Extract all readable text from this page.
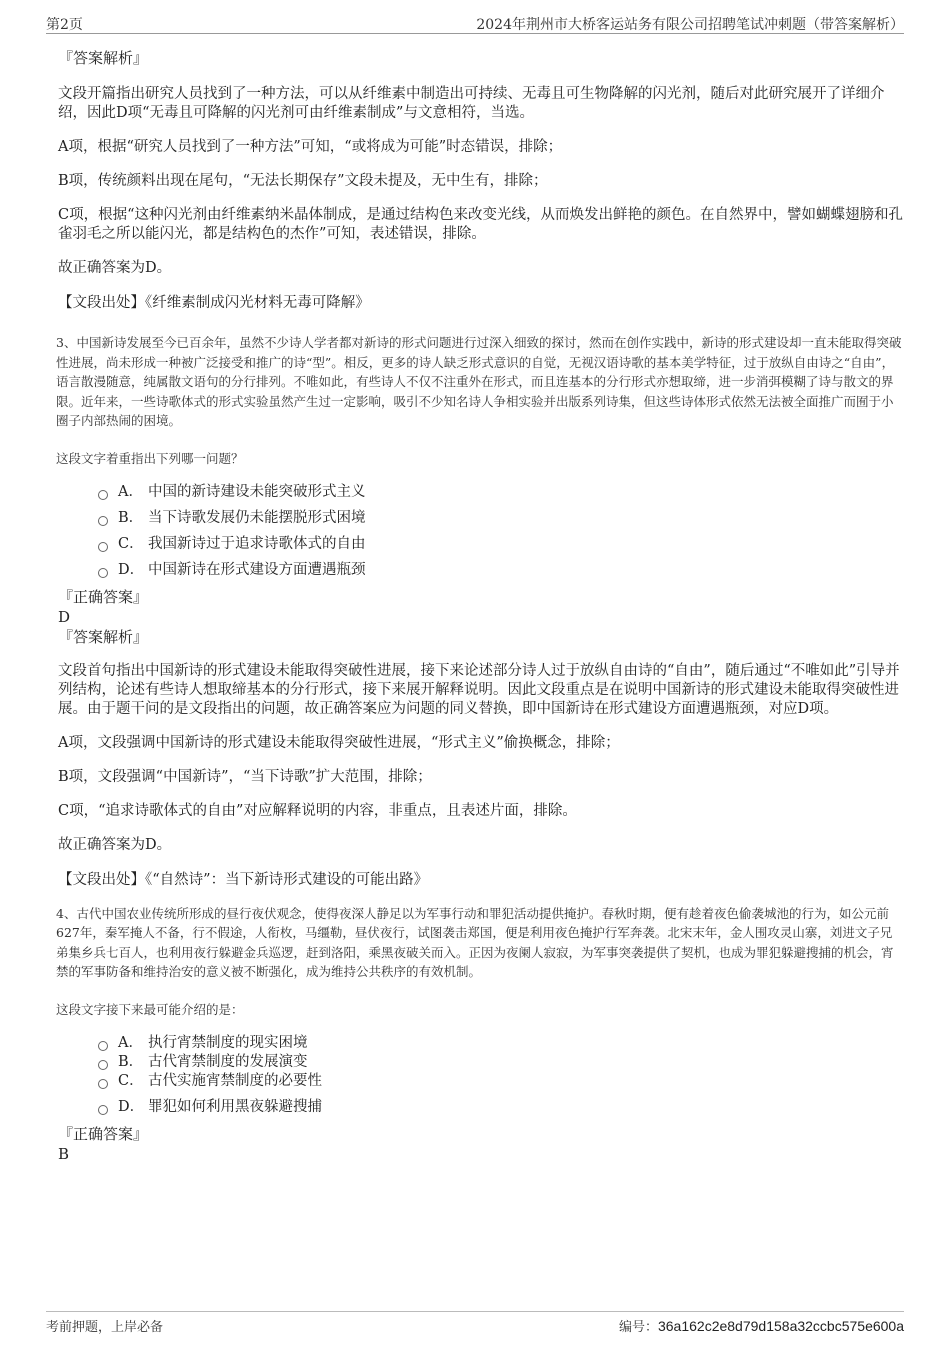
第2页	2024年荆州市大桥客运站务有限公司招聘笔试冲刺题（带答案解析）
『答案解析』
文段开篇指出研究人员找到了一种方法，可以从纤维素中制造出可持续、无毒且可生物降解的闪光剂，随后对此研究展开了详细介绍，因此D项“无毒且可降解的闪光剂可由纤维素制成”与文意相符，当选。
A项，根据“研究人员找到了一种方法”可知，“或将成为可能”时态错误，排除；
B项，传统颜料出现在尾句，“无法长期保存”文段未提及，无中生有，排除；
C项，根据“这种闪光剂由纤维素纳米晶体制成，是通过结构色来改变光线，从而焕发出鲜艳的颜色。在自然界中，譬如蝴蝶翅膀和孔雀羽毛之所以能闪光，都是结构色的杰作”可知，表述错误，排除。
故正确答案为D。
【文段出处】《纤维素制成闪光材料无毒可降解》
3、中国新诗发展至今已百余年，虽然不少诗人学者都对新诗的形式问题进行过深入细致的探讨，然而在创作实践中，新诗的形式建设却一直未能取得突破性进展，尚未形成一种被广泛接受和推广的诗“型”。相反，更多的诗人缺乏形式意识的自觉，无视汉语诗歌的基本美学特征，过于放纵自由诗之“自由”，语言散漫随意，纯属散文语句的分行排列。不唯如此，有些诗人不仅不注重外在形式，而且连基本的分行形式亦想取缔，进一步消弭模糊了诗与散文的界限。近年来，一些诗歌体式的形式实验虽然产生过一定影响，吸引不少知名诗人争相实验并出版系列诗集，但这些诗体形式依然无法被全面推广而囿于小圈子内部热闹的困境。
这段文字着重指出下列哪一问题？
A． 中国的新诗建设未能突破形式主义
B． 当下诗歌发展仍未能摆脱形式困境
C． 我国新诗过于追求诗歌体式的自由
D． 中国新诗在形式建设方面遭遇瓶颈
『正确答案』
D
『答案解析』
文段首句指出中国新诗的形式建设未能取得突破性进展，接下来论述部分诗人过于放纵自由诗的“自由”，随后通过“不唯如此”引导并列结构，论述有些诗人想取缔基本的分行形式，接下来展开解释说明。因此文段重点是在说明中国新诗的形式建设未能取得突破性进展。由于题干问的是文段指出的问题，故正确答案应为问题的同义替换，即中国新诗在形式建设方面遭遇瓶颈，对应D项。
A项，文段强调中国新诗的形式建设未能取得突破性进展，“形式主义”偷换概念，排除；
B项，文段强调“中国新诗”，“当下诗歌”扩大范围，排除；
C项，“追求诗歌体式的自由”对应解释说明的内容，非重点，且表述片面，排除。
故正确答案为D。
【文段出处】《“自然诗”：当下新诗形式建设的可能出路》
4、古代中国农业传统所形成的昼行夜伏观念，使得夜深人静足以为军事行动和罪犯活动提供掩护。春秋时期，便有趁着夜色偷袭城池的行为，如公元前627年，秦军掩人不备，行不假途，人衔枚，马缰勒，昼伏夜行，试图袭击郑国，便是利用夜色掩护行军奔袭。北宋末年，金人围攻灵山寨，刘进文子兄弟集乡兵七百人，也利用夜行躲避金兵巡逻，赶到洛阳，乘黑夜破关而入。正因为夜阑人寂寂，为军事突袭提供了契机，也成为罪犯躲避搜捕的机会，宵禁的军事防备和维持治安的意义被不断强化，成为维持公共秩序的有效机制。
这段文字接下来最可能介绍的是：
A． 执行宵禁制度的现实困境
B． 古代宵禁制度的发展演变
C． 古代实施宵禁制度的必要性
D． 罪犯如何利用黑夜躲避搜捕
『正确答案』
B
考前押题，上岸必备	编号：36a162c2e8d79d158a32ccbc575e600a
